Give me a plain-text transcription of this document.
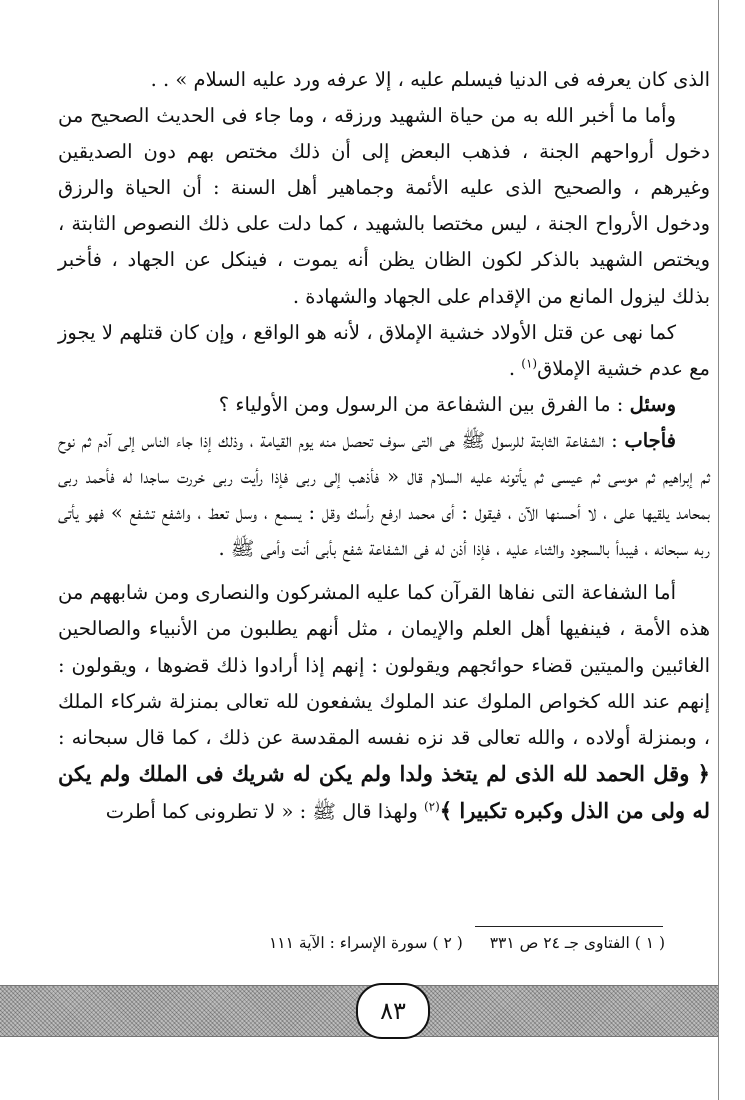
الذى كان يعرفه فى الدنيا فيسلم عليه ، إلا عرفه ورد عليه السلام » . .

وأما ما أخبر الله به من حياة الشهيد ورزقه ، وما جاء فى الحديث الصحيح من دخول أرواحهم الجنة ، فذهب البعض إلى أن ذلك مختص بهم دون الصديقين وغيرهم ، والصحيح الذى عليه الأئمة وجماهير أهل السنة : أن الحياة والرزق ودخول الأرواح الجنة ، ليس مختصا بالشهيد ، كما دلت على ذلك النصوص الثابتة ، ويختص الشهيد بالذكر لكون الظان يظن أنه يموت ، فينكل عن الجهاد ، فأخبر بذلك ليزول المانع من الإقدام على الجهاد والشهادة .

كما نهى عن قتل الأولاد خشية الإملاق ، لأنه هو الواقع ، وإن كان قتلهم لا يجوز مع عدم خشية الإملاق$^{(١)}$ .

وسئل : ما الفرق بين الشفاعة من الرسول ومن الأولياء ؟

فأجاب : الشفاعة الثابتة للرسول ﷺ هى التى سوف تحصل منه يوم القيامة ، وذلك إذا جاء الناس إلى آدم ثم نوح ثم إبراهيم ثم موسى ثم عيسى ثم يأتونه عليه السلام قال « فأذهب إلى ربى فإذا رأيت ربى خررت ساجدا له فأحمد ربى بمحامد يلقيها على ، لا أحسنها الآن ، فيقول : أى محمد ارفع رأسك وقل : يسمع ، وسل تعط ، واشفع تشفع » فهو يأتى ربه سبحانه ، فيبدأ بالسجود والثناء عليه ، فإذا أذن له فى الشفاعة شفع بأبى أنت وأمى ﷺ .

أما الشفاعة التى نفاها القرآن كما عليه المشركون والنصارى ومن شابههم من هذه الأمة ، فينفيها أهل العلم والإيمان ، مثل أنهم يطلبون من الأنبياء والصالحين الغائبين والميتين قضاء حوائجهم ويقولون : إنهم إذا أرادوا ذلك قضوها ، ويقولون : إنهم عند الله كخواص الملوك عند الملوك يشفعون لله تعالى بمنزلة شركاء الملك ، وبمنزلة أولاده ، والله تعالى قد نزه نفسه المقدسة عن ذلك ، كما قال سبحانه : ﴿ وقل الحمد لله الذى لم يتخذ ولدا ولم يكن له شريك فى الملك ولم يكن له ولى من الذل وكبره تكبيرا ﴾$^{(٢)}$ ولهذا قال ﷺ : « لا تطرونى كما أطرت

( ١ ) الفتاوى جـ ٢٤ ص ٣٣١ ( ٢ ) سورة الإسراء : الآية ١١١
٨٣
